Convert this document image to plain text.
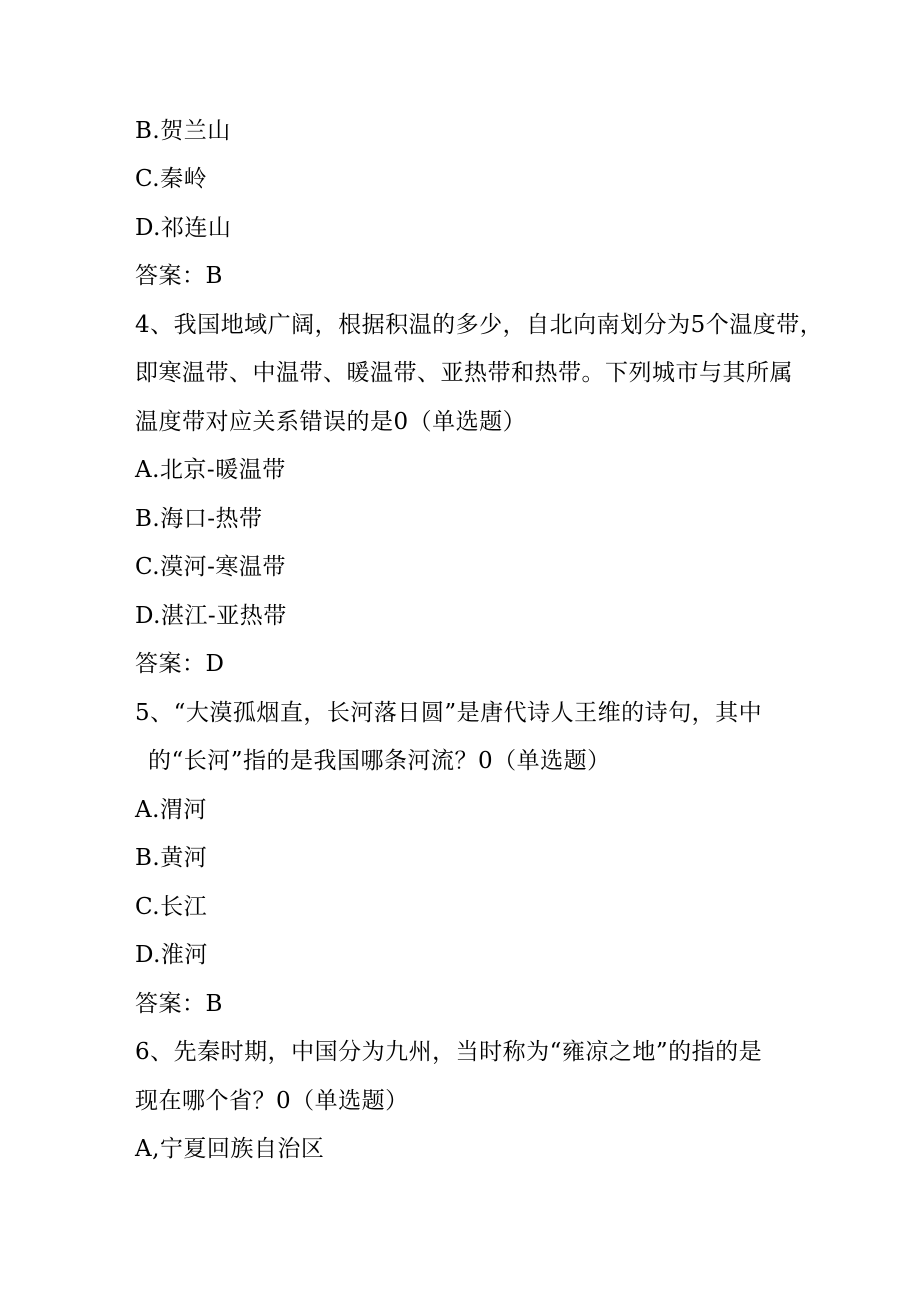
B.贺兰山
C.秦岭
D.祁连山
答案：B
4、我国地域广阔，根据积温的多少，自北向南划分为5个温度带，
即寒温带、中温带、暖温带、亚热带和热带。下列城市与其所属
温度带对应关系错误的是0（单选题）
A.北京-暖温带
B.海口-热带
C.漠河-寒温带
D.湛江-亚热带
答案：D
5、“大漠孤烟直，长河落日圆”是唐代诗人王维的诗句，其中
的“长河”指的是我国哪条河流？0（单选题）
A.渭河
B.黄河
C.长江
D.淮河
答案：B
6、先秦时期，中国分为九州，当时称为“雍凉之地”的指的是
现在哪个省？0（单选题）
A,宁夏回族自治区
